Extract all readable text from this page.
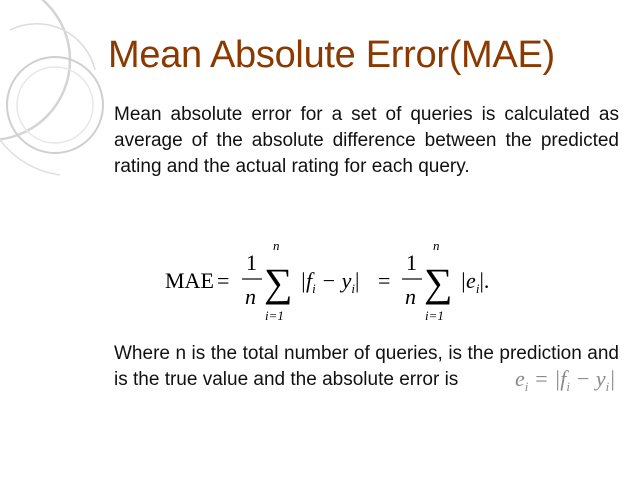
Mean Absolute Error(MAE)
Mean absolute error for a set of queries is calculated as average of the absolute difference between the predicted rating and the actual rating for each query.
MAE =
1
n
n
∑
i=1
$|f_i - y_i|$ =
1
n
n
∑
i=1
$|e_i|$.
Where n is the total number of queries, is the prediction and is the true value and the absolute error is	$e_i = |f_i - y_i|$
